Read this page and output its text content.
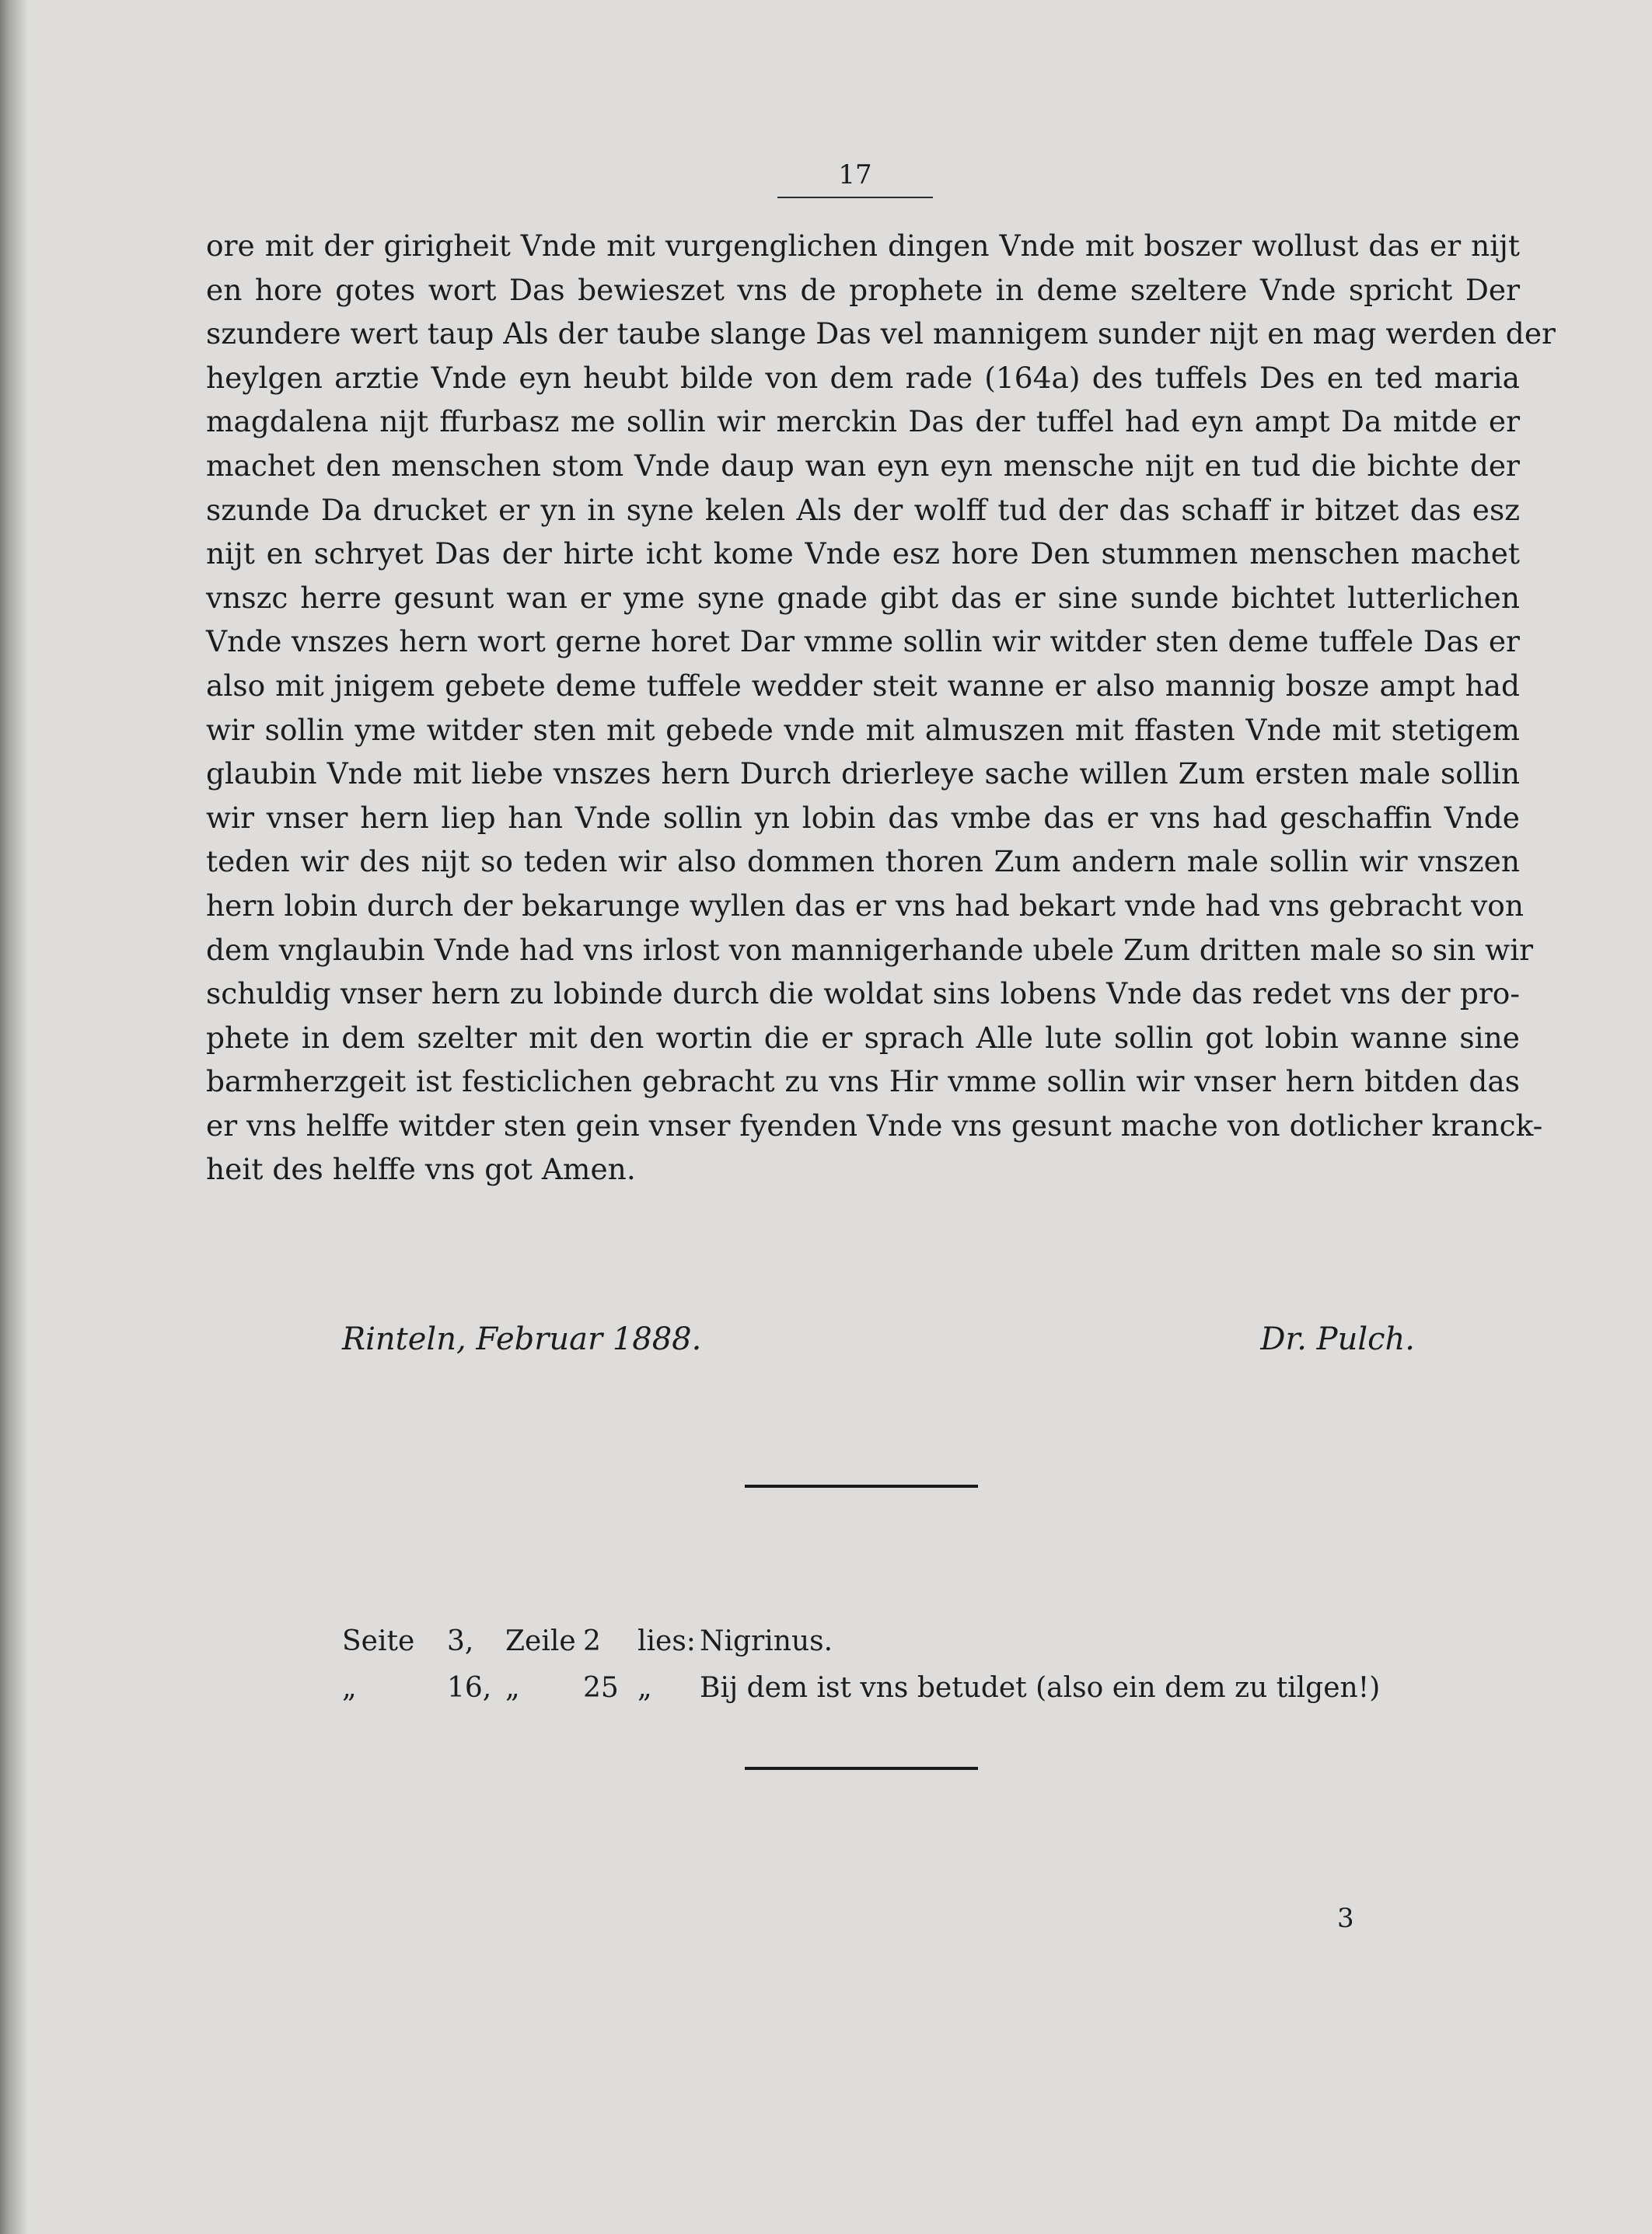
17
ore mit der girigheit Vnde mit vurgenglichen dingen Vnde mit boszer wollust das er nijt
en hore gotes wort Das bewieszet vns de prophete in deme szeltere Vnde spricht Der
szundere wert taup Als der taube slange Das vel mannigem sunder nijt en mag werden der
heylgen arztie Vnde eyn heubt bilde von dem rade (164a) des tuffels Des en ted maria
magdalena nijt ffurbasz me sollin wir merckin Das der tuffel had eyn ampt Da mitde er
machet den menschen stom Vnde daup wan eyn eyn mensche nijt en tud die bichte der
szunde Da drucket er yn in syne kelen Als der wolff tud der das schaff ir bitzet das esz
nijt en schryet Das der hirte icht kome Vnde esz hore Den stummen menschen machet
vnszc herre gesunt wan er yme syne gnade gibt das er sine sunde bichtet lutterlichen
Vnde vnszes hern wort gerne horet Dar vmme sollin wir witder sten deme tuffele Das er
also mit jnigem gebete deme tuffele wedder steit wanne er also mannig bosze ampt had
wir sollin yme witder sten mit gebede vnde mit almuszen mit ffasten Vnde mit stetigem
glaubin Vnde mit liebe vnszes hern Durch drierleye sache willen Zum ersten male sollin
wir vnser hern liep han Vnde sollin yn lobin das vmbe das er vns had geschaffin Vnde
teden wir des nijt so teden wir also dommen thoren Zum andern male sollin wir vnszen
hern lobin durch der bekarunge wyllen das er vns had bekart vnde had vns gebracht von
dem vnglaubin Vnde had vns irlost von mannigerhande ubele Zum dritten male so sin wir
schuldig vnser hern zu lobinde durch die woldat sins lobens Vnde das redet vns der pro-
phete in dem szelter mit den wortin die er sprach Alle lute sollin got lobin wanne sine
barmherzgeit ist festiclichen gebracht zu vns Hir vmme sollin wir vnser hern bitden das
er vns helffe witder sten gein vnser fyenden Vnde vns gesunt mache von dotlicher kranck-
heit des helffe vns got Amen.
Rinteln, Februar 1888.	Dr. Pulch.
Seite 3, Zeile 2 lies: Nigrinus.
„	16, „ 25 „ Bij dem ist vns betudet (also ein dem zu tilgen!)
3
